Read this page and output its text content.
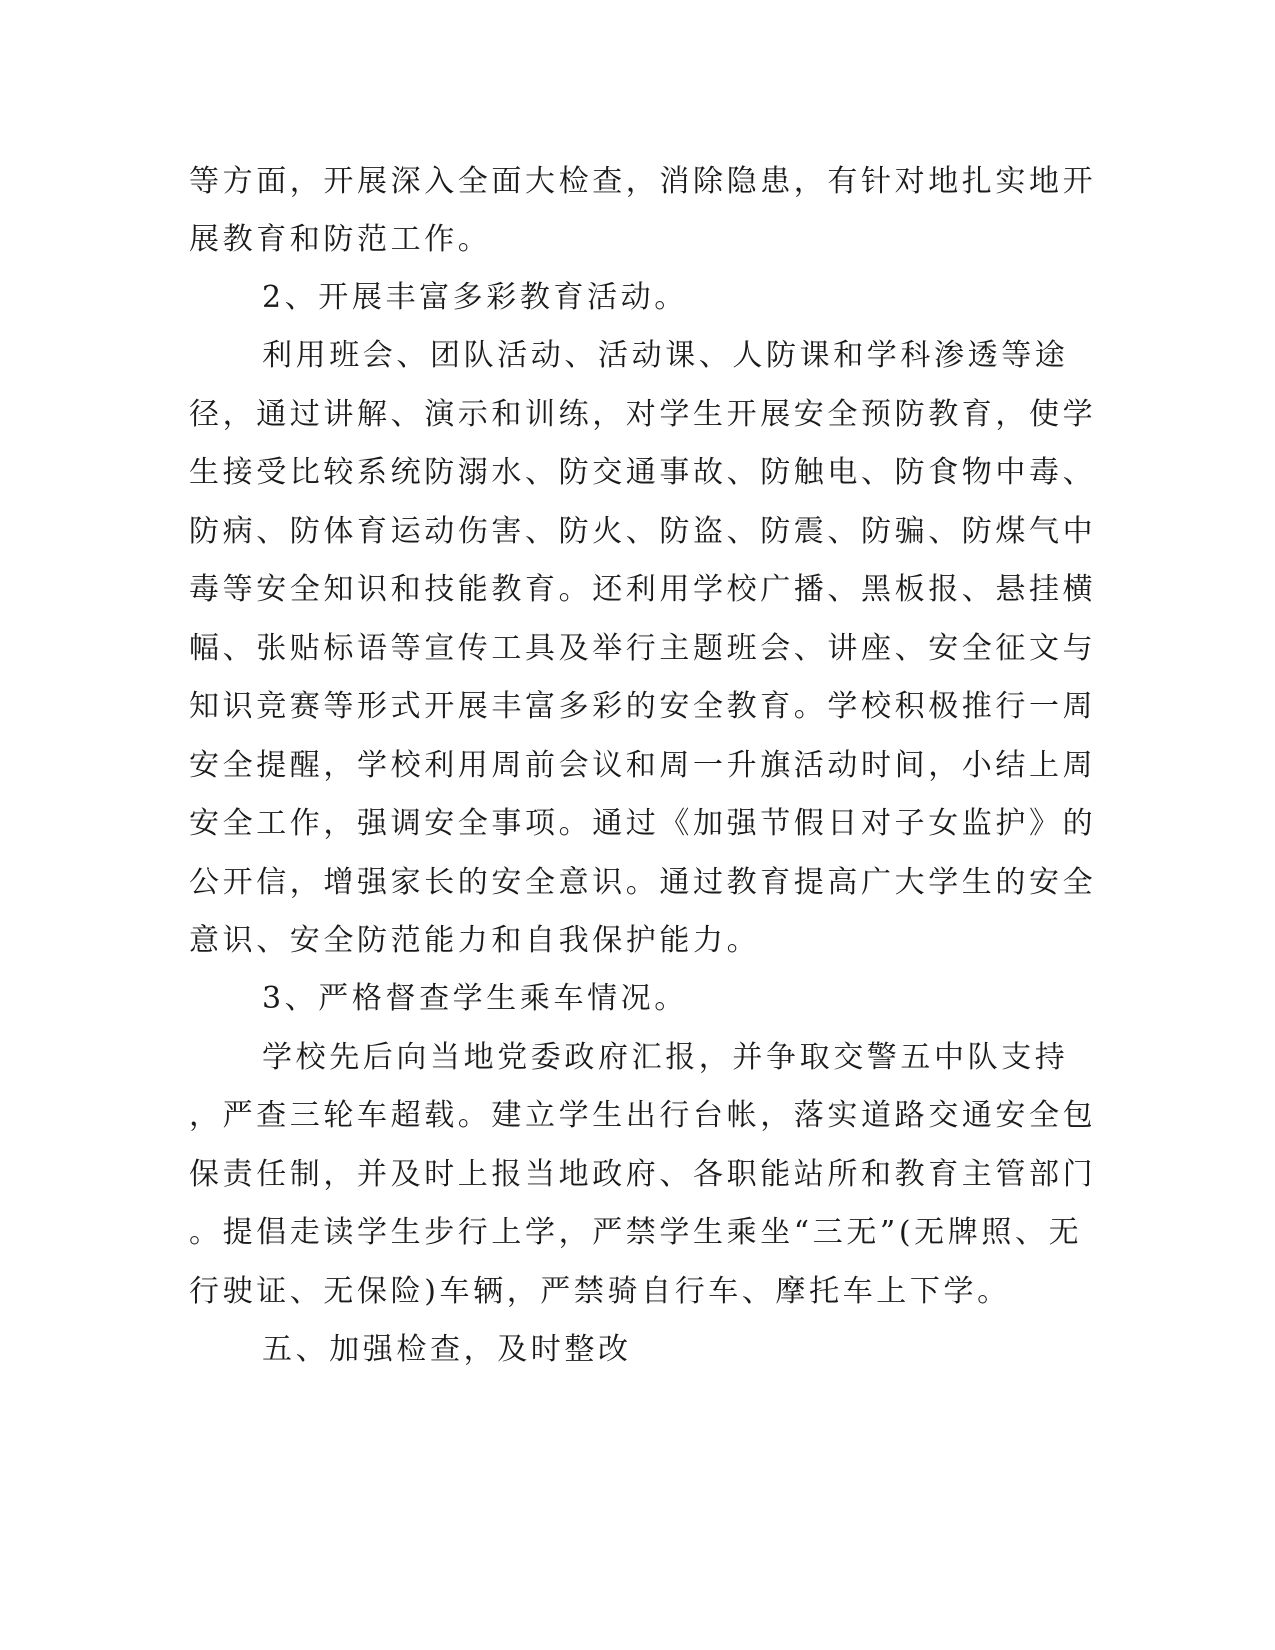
等方面，开展深入全面大检查，消除隐患，有针对地扎实地开
展教育和防范工作。
2、开展丰富多彩教育活动。
利用班会、团队活动、活动课、人防课和学科渗透等途
径，通过讲解、演示和训练，对学生开展安全预防教育，使学
生接受比较系统防溺水、防交通事故、防触电、防食物中毒、
防病、防体育运动伤害、防火、防盗、防震、防骗、防煤气中
毒等安全知识和技能教育。还利用学校广播、黑板报、悬挂横
幅、张贴标语等宣传工具及举行主题班会、讲座、安全征文与
知识竞赛等形式开展丰富多彩的安全教育。学校积极推行一周
安全提醒，学校利用周前会议和周一升旗活动时间，小结上周
安全工作，强调安全事项。通过《加强节假日对子女监护》的
公开信，增强家长的安全意识。通过教育提高广大学生的安全
意识、安全防范能力和自我保护能力。
3、严格督查学生乘车情况。
学校先后向当地党委政府汇报，并争取交警五中队支持
，严查三轮车超载。建立学生出行台帐，落实道路交通安全包
保责任制，并及时上报当地政府、各职能站所和教育主管部门
。提倡走读学生步行上学，严禁学生乘坐“三无”(无牌照、无
行驶证、无保险)车辆，严禁骑自行车、摩托车上下学。
五、加强检查，及时整改
